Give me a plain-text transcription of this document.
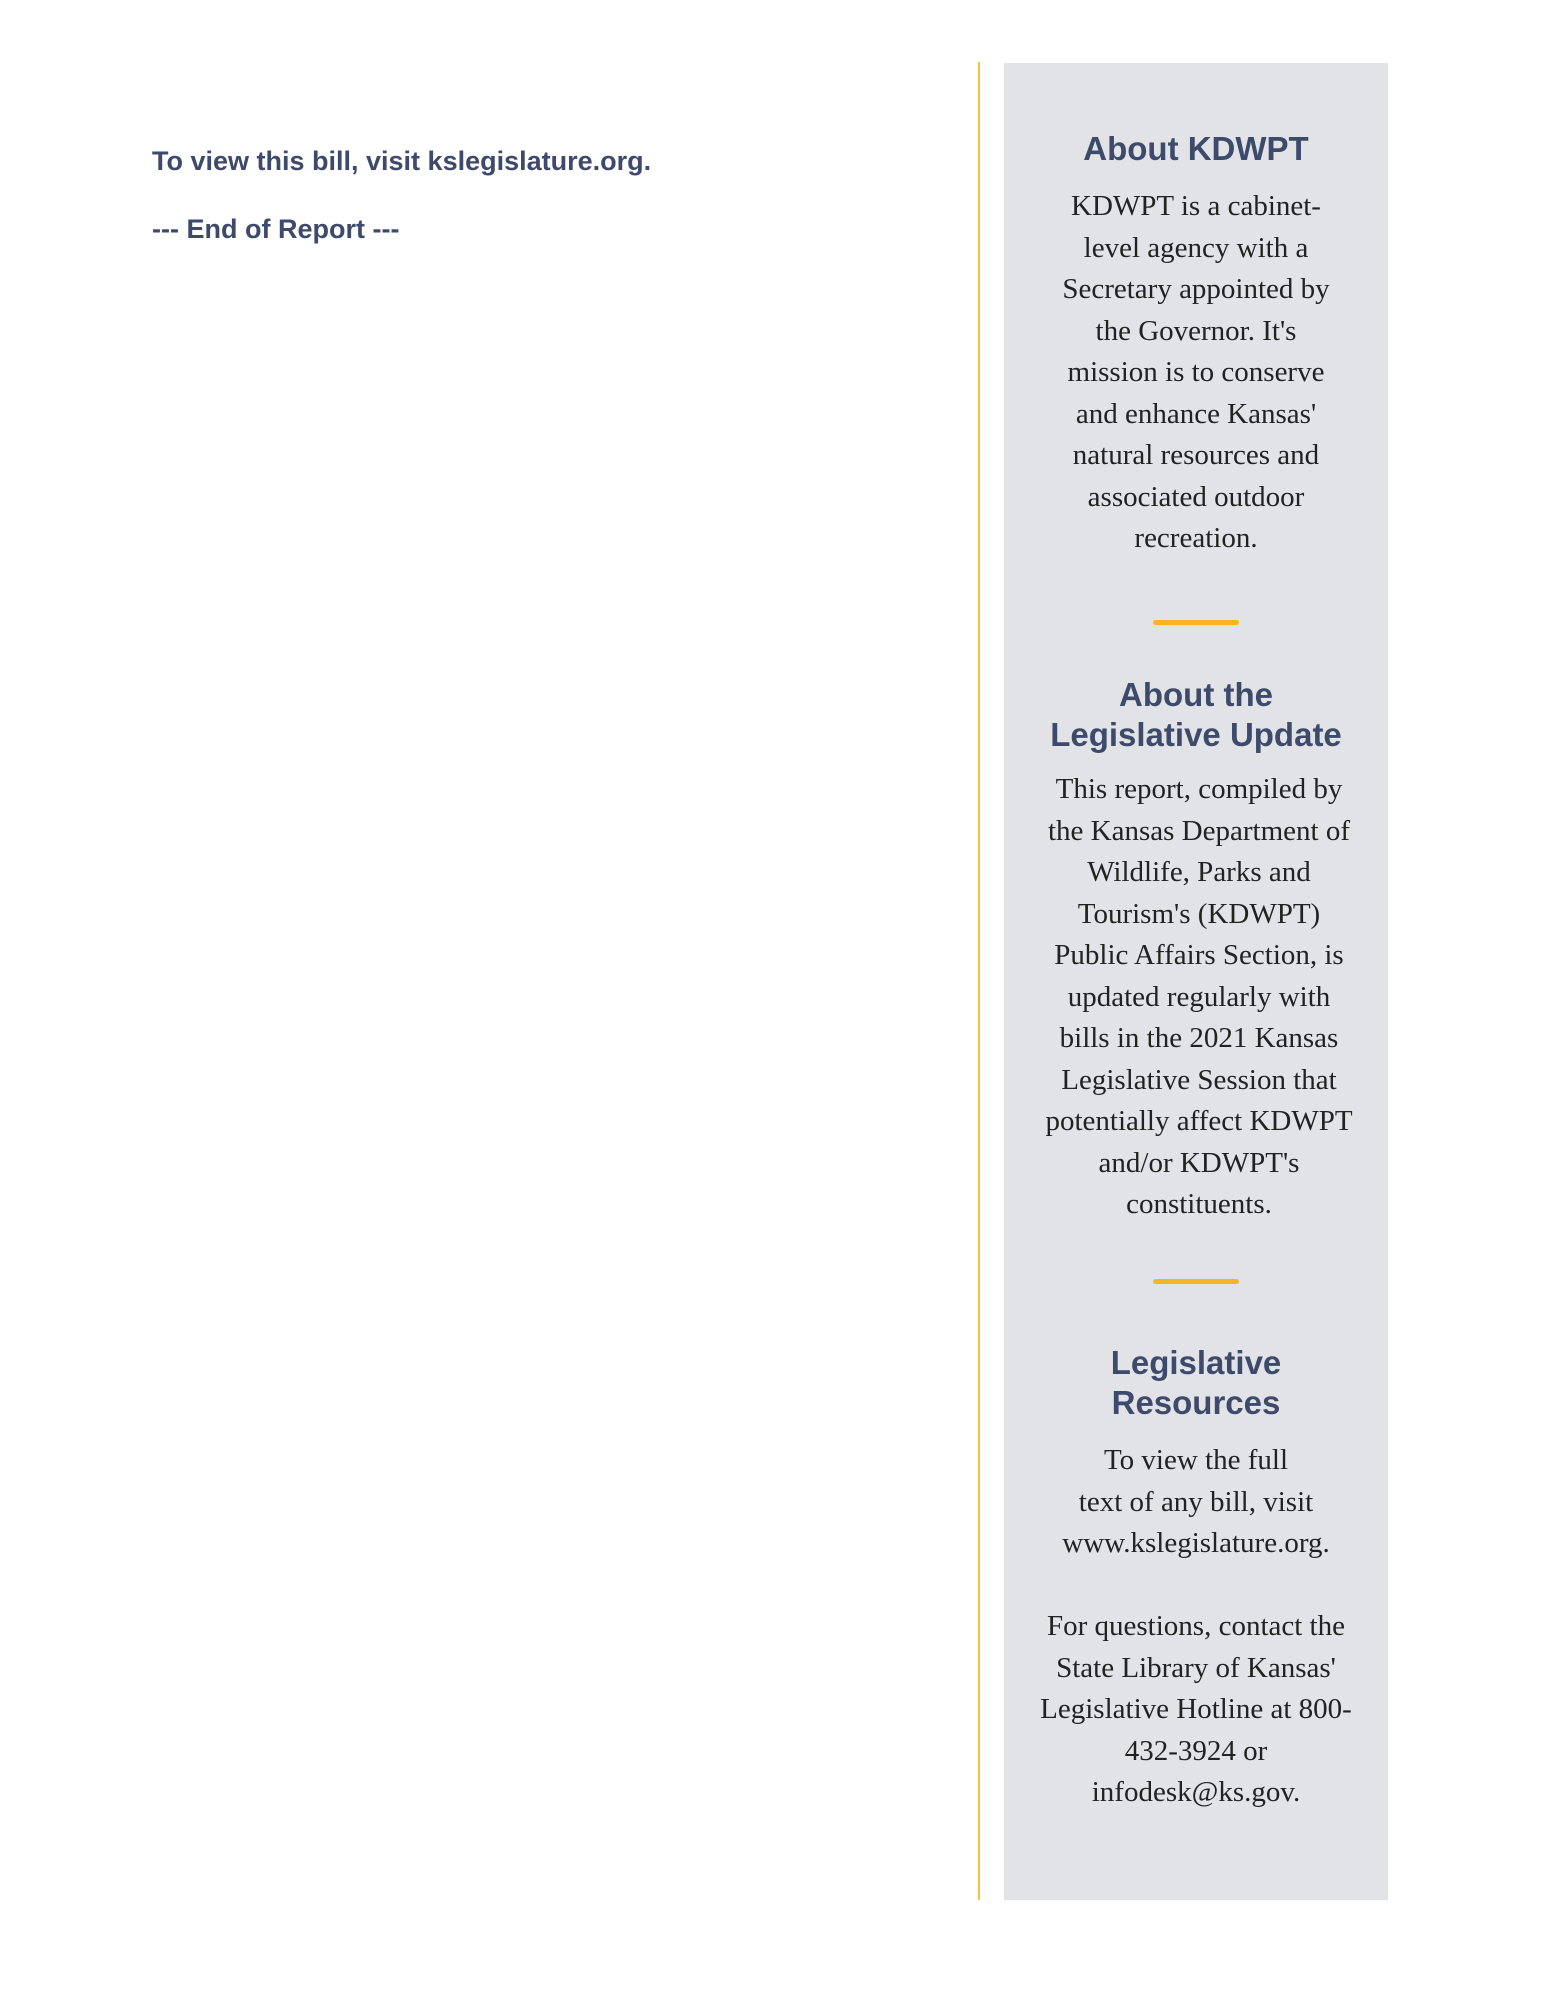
To view this bill, visit kslegislature.org.

--- End of Report ---

About KDWPT

KDWPT is a cabinet-level agency with a Secretary appointed by the Governor. It's mission is to conserve and enhance Kansas' natural resources and associated outdoor recreation.

About the
Legislative Update

This report, compiled by the Kansas Department of Wildlife, Parks and Tourism's (KDWPT) Public Affairs Section, is updated regularly with bills in the 2021 Kansas Legislative Session that potentially affect KDWPT and/or KDWPT's constituents.

Legislative
Resources

To view the full
text of any bill, visit
www.kslegislature.org.

For questions, contact the State Library of Kansas' Legislative Hotline at 800-432-3924 or infodesk@ks.gov.
